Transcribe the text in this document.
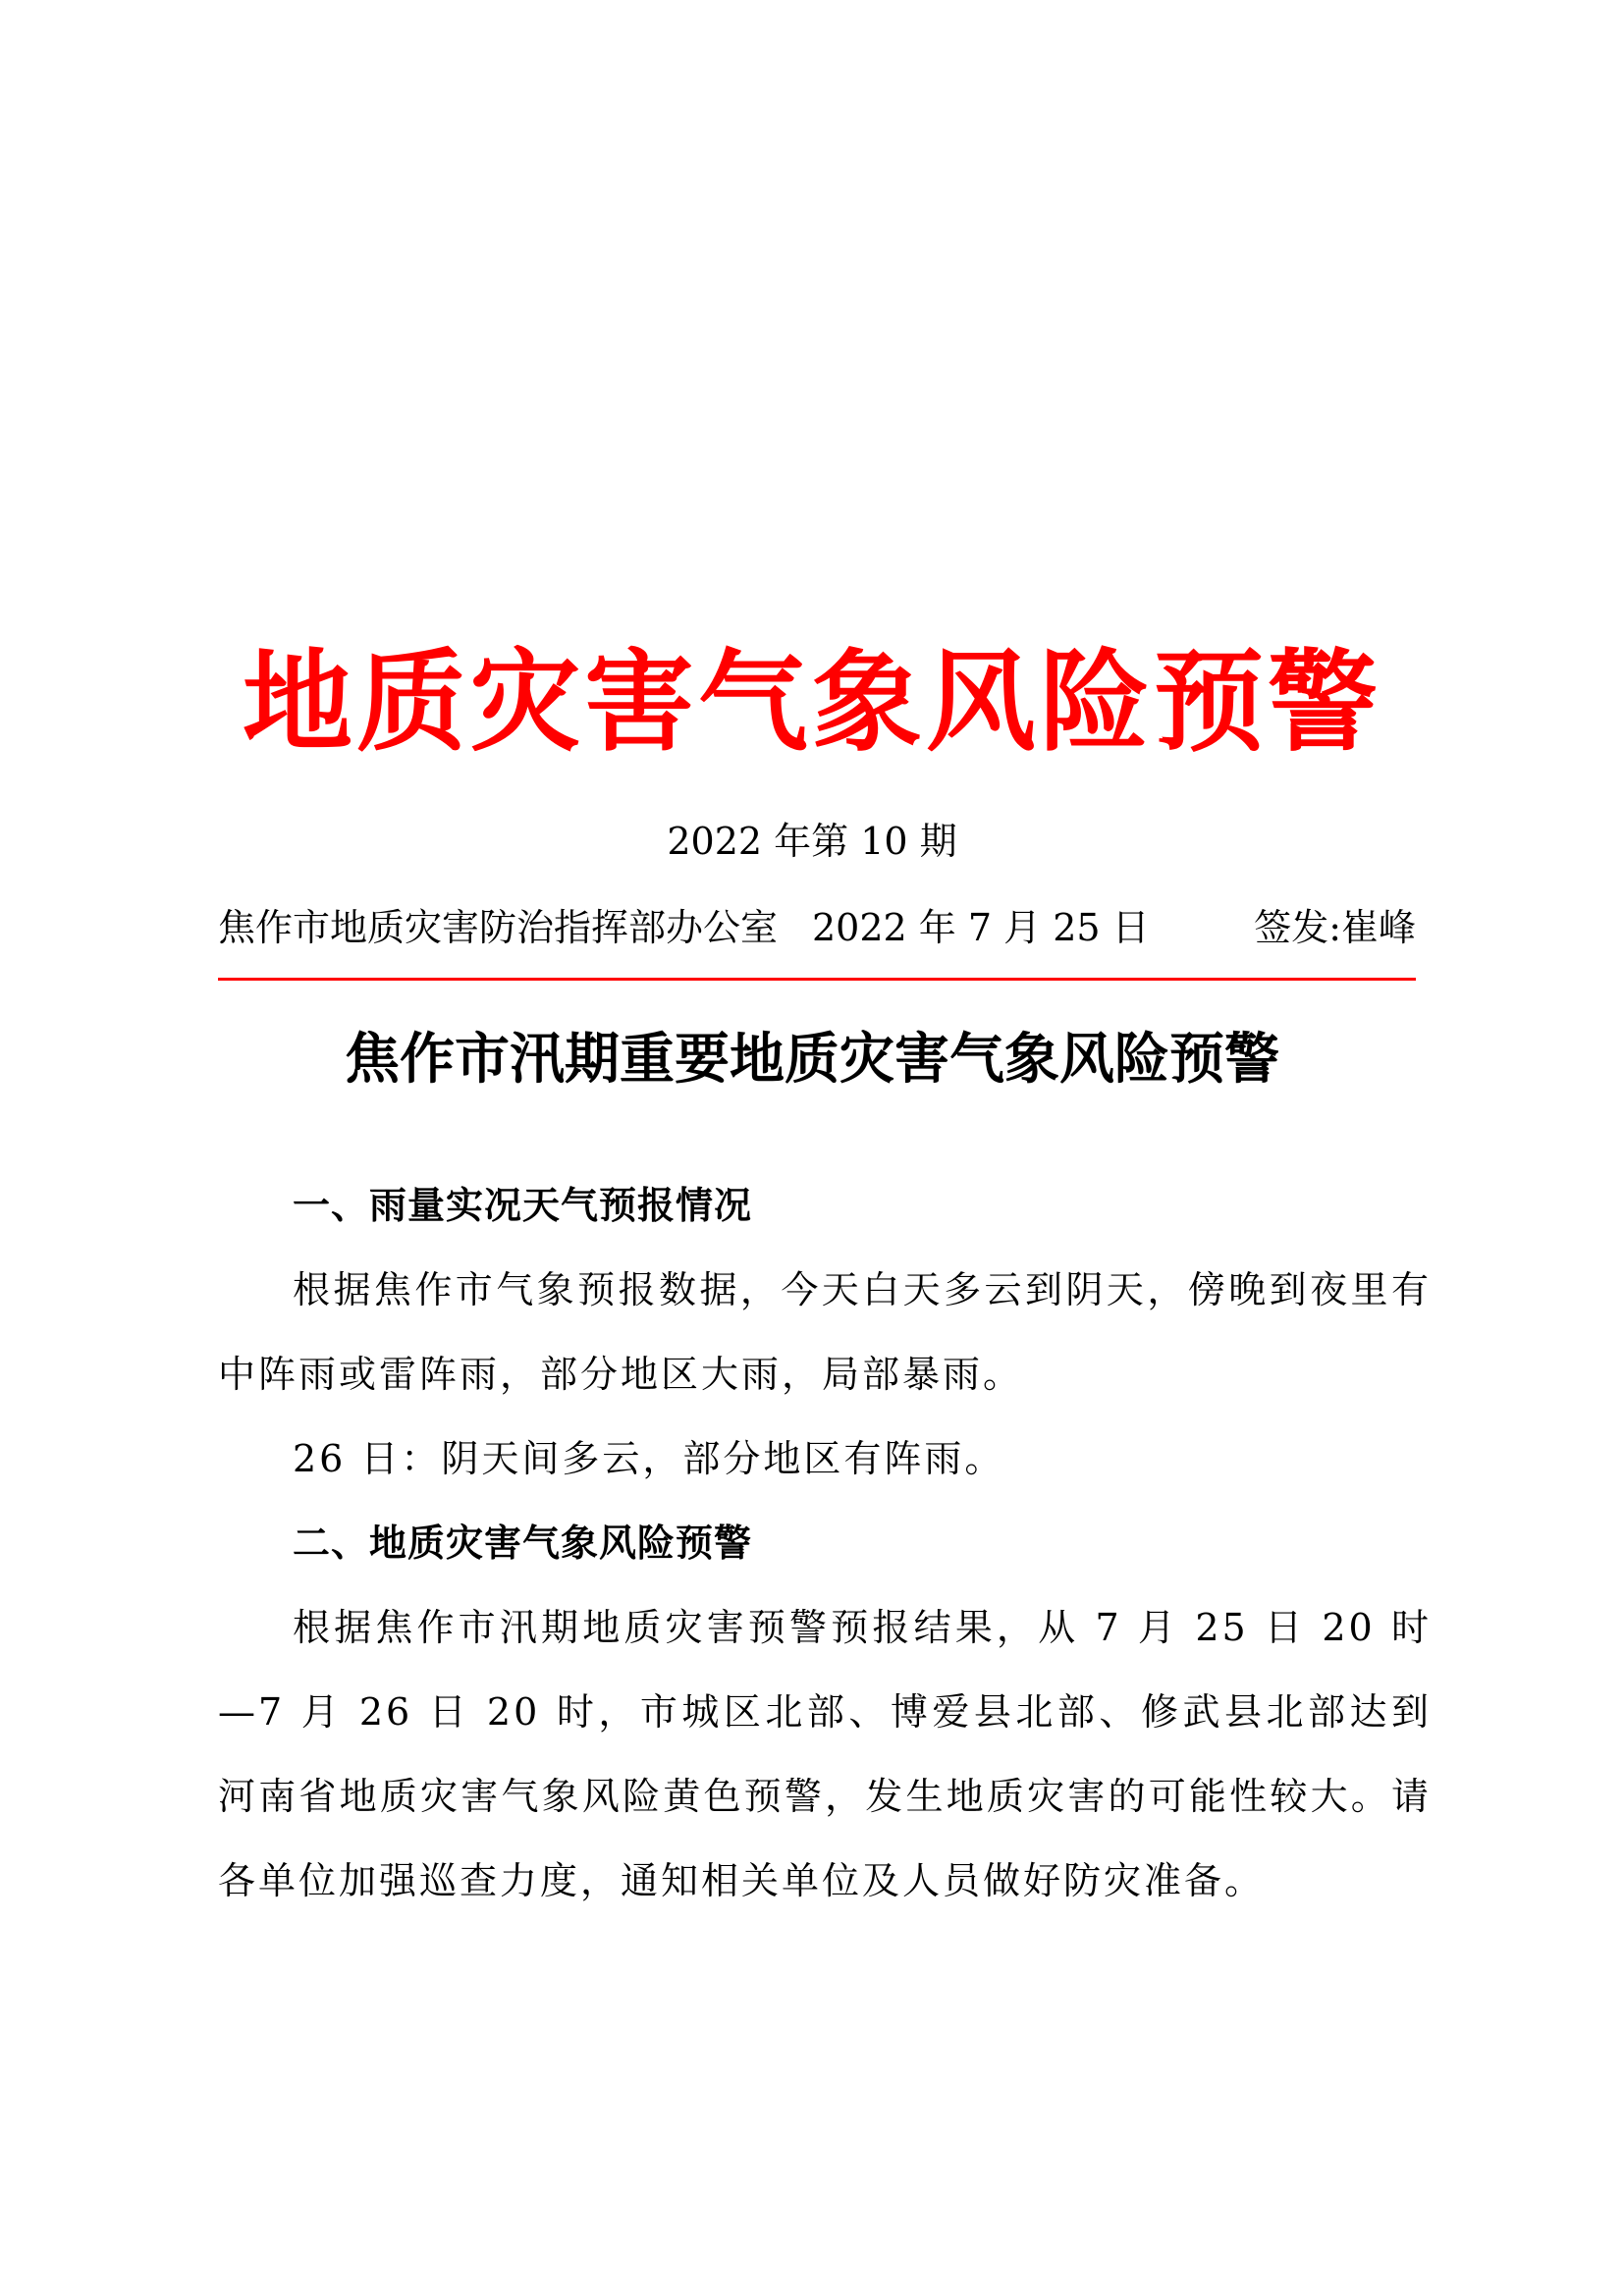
地质灾害气象风险预警
2022 年第 10 期
焦作市地质灾害防治指挥部办公室 2022 年 7 月 25 日	签发:崔峰
焦作市汛期重要地质灾害气象风险预警
一、雨量实况天气预报情况

根据焦作市气象预报数据，今天白天多云到阴天，傍晚到夜里有中阵雨或雷阵雨，部分地区大雨，局部暴雨。

26 日：阴天间多云，部分地区有阵雨。

二、地质灾害气象风险预警

根据焦作市汛期地质灾害预警预报结果，从 7 月 25 日 20 时—7 月 26 日 20 时，市城区北部、博爱县北部、修武县北部达到河南省地质灾害气象风险黄色预警，发生地质灾害的可能性较大。请各单位加强巡查力度，通知相关单位及人员做好防灾准备。
